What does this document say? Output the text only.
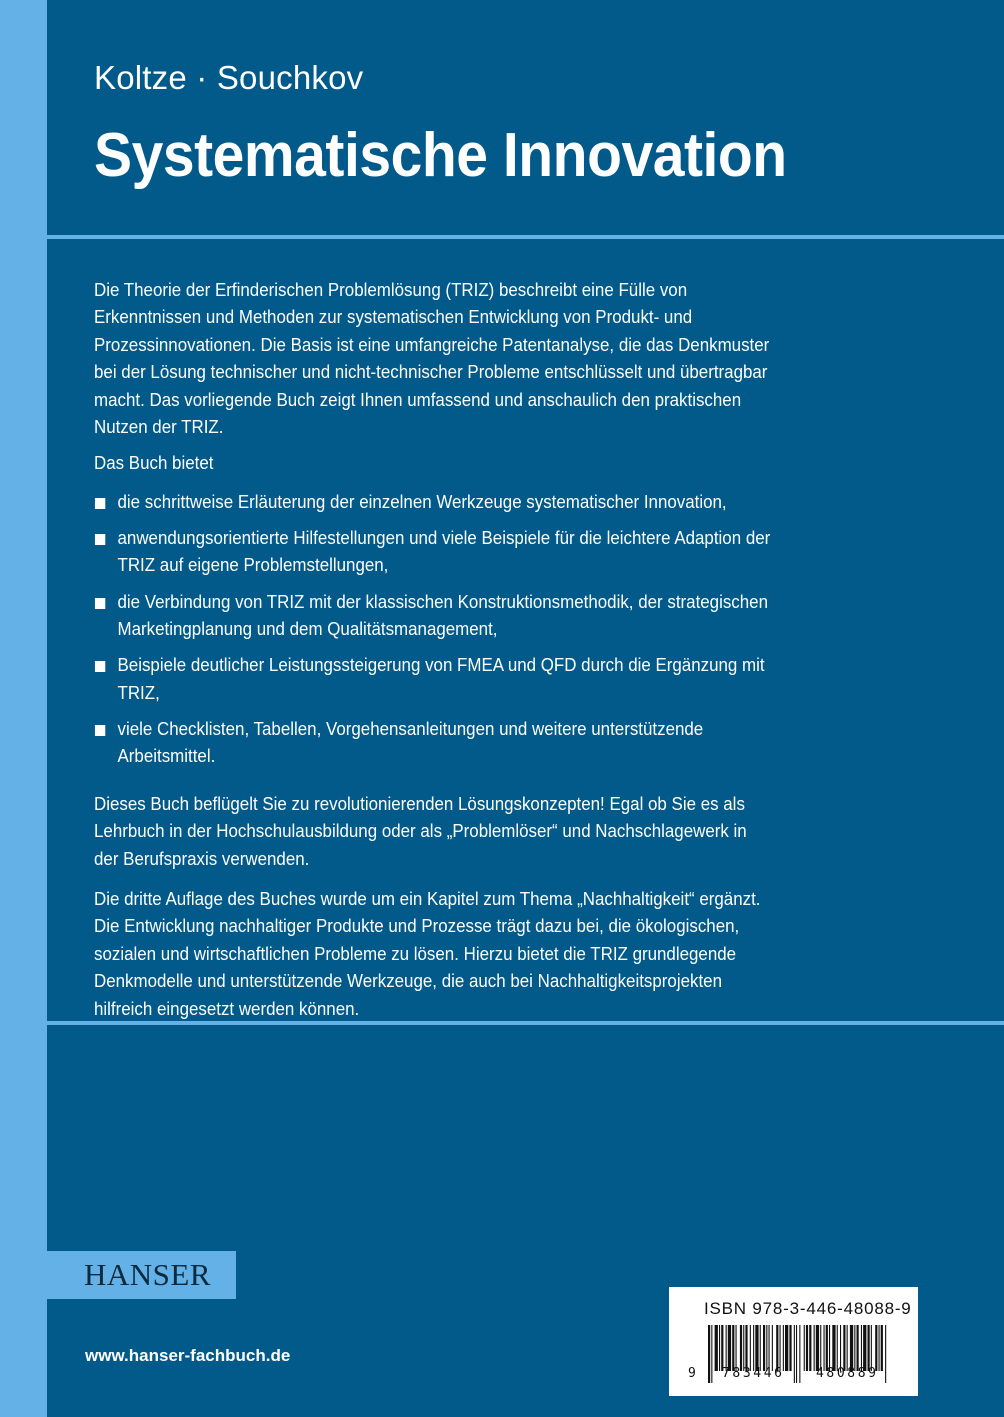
Koltze · Souchkov
Systematische Innovation

Die Theorie der Erfinderischen Problemlösung (TRIZ) beschreibt eine Fülle von Erkenntnissen und Methoden zur systematischen Entwicklung von Produkt- und Prozessinnovationen. Die Basis ist eine umfangreiche Patentanalyse, die das Denkmuster bei der Lösung technischer und nicht-technischer Probleme entschlüsselt und übertragbar macht. Das vorliegende Buch zeigt Ihnen umfassend und anschaulich den praktischen Nutzen der TRIZ.

Das Buch bietet

die schrittweise Erläuterung der einzelnen Werkzeuge systematischer Innovation,
anwendungsorientierte Hilfestellungen und viele Beispiele für die leichtere Adaption der TRIZ auf eigene Problemstellungen,
die Verbindung von TRIZ mit der klassischen Konstruktionsmethodik, der strategischen Marketingplanung und dem Qualitätsmanagement,
Beispiele deutlicher Leistungssteigerung von FMEA und QFD durch die Ergänzung mit TRIZ,
viele Checklisten, Tabellen, Vorgehensanleitungen und weitere unterstützende Arbeitsmittel.

Dieses Buch beflügelt Sie zu revolutionierenden Lösungskonzepten! Egal ob Sie es als Lehrbuch in der Hochschulausbildung oder als „Problemlöser“ und Nachschlagewerk in der Berufspraxis verwenden.

Die dritte Auflage des Buches wurde um ein Kapitel zum Thema „Nachhaltigkeit“ ergänzt. Die Entwicklung nachhaltiger Produkte und Prozesse trägt dazu bei, die ökologischen, sozialen und wirtschaftlichen Probleme zu lösen. Hierzu bietet die TRIZ grundlegende Denkmodelle und unterstützende Werkzeuge, die auch bei Nachhaltigkeitsprojekten hilfreich eingesetzt werden können.

HANSER
www.hanser-fachbuch.de
ISBN 978-3-446-48088-9
9 783446 480889
